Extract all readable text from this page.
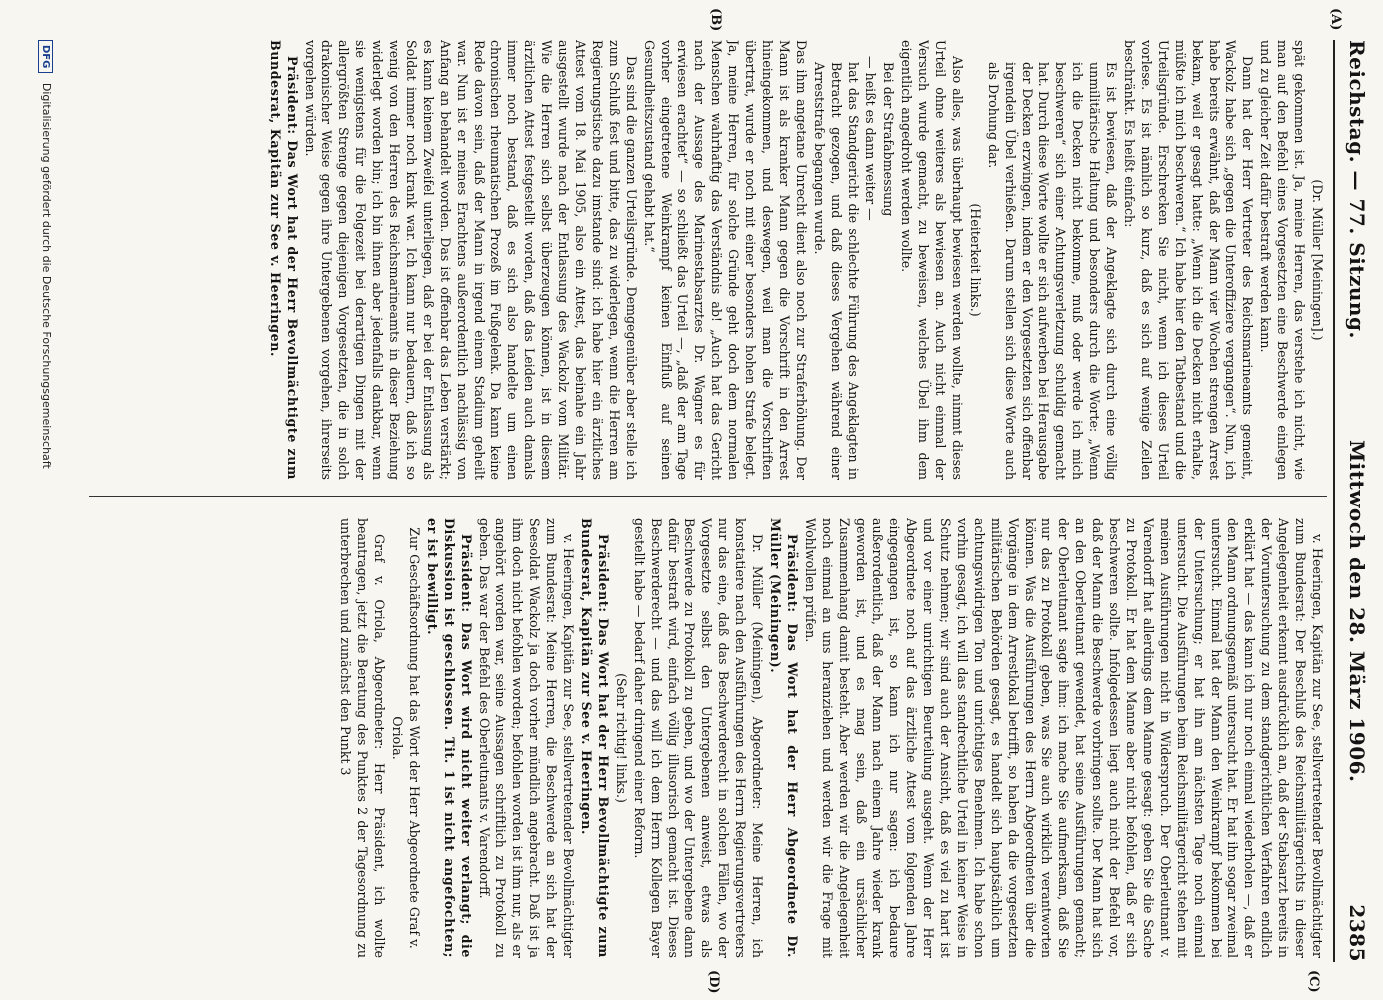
Reichstag. — 77. Sitzung.
Mittwoch den 28. März 1906.
2385
(A)
(B)
(C)
(D)

(Dr. Müller [Meiningen].)

spät gekommen ist. Ja, meine Herren, das verstehe ich nicht, wie man auf den Befehl eines Vorgesetzten eine Beschwerde einlegen und zu gleicher Zeit dafür bestraft werden kann.

Dann hat der Herr Vertreter des Reichsmarineamts gemeint, Wackolz habe sich „gegen die Unteroffiziere vergangen“. Nun, ich habe bereits erwähnt, daß der Mann vier Wochen strengen Arrest bekam, weil er gesagt hatte: „Wenn ich die Decken nicht erhalte, müßte ich mich beschweren.“ Ich habe hier den Tatbestand und die Urteilsgründe. Erschrecken Sie nicht, wenn ich dieses Urteil vorlese. Es ist nämlich so kurz, daß es sich auf wenige Zeilen beschränkt. Es heißt einfach:

Es ist bewiesen, daß der Angeklagte sich durch eine völlig unmilitärische Haltung und besonders durch die Worte: „Wenn ich die Decken nicht bekomme, muß oder werde ich mich beschweren“ sich einer Achtungsverletzung schuldig gemacht hat. Durch diese Worte wollte er sich aufwerben bei Herausgabe der Decken erzwingen, indem er den Vorgesetzten sich offenbar irgendein Übel verhießen. Darum stellen sich diese Worte auch als Drohung dar.

(Heiterkeit links.)

Also alles, was überhaupt bewiesen werden wollte, nimmt dieses Urteil ohne weiteres als bewiesen an. Auch nicht einmal der Versuch wurde gemacht, zu beweisen, welches Übel ihm dem eigentlich angedroht werden wollte.

Bei der Strafabmessung

— heißt es dann weiter —

hat das Standgericht die schlechte Führung des Angeklagten in Betracht gezogen, und daß dieses Vergehen während einer Arreststrafe begangen wurde.

Das ihm angetane Unrecht dient also noch zur Straferhöhung. Der Mann ist als kranker Mann gegen die Vorschrift in den Arrest hineingekommen, und deswegen, weil man die Vorschriften übertrat, wurde er noch mit einer besonders hohen Strafe belegt. Ja, meine Herren, für solche Gründe geht doch dem normalen Menschen wahrhaftig das Verständnis ab! „Auch hat das Gericht nach der Aussage des Marinestabsarztes Dr. Wagner es für erwiesen erachtet“ — so schließt das Urteil —, „daß der am Tage vorher eingetretene Weinkrampf keinen Einfluß auf seinen Gesundheitszustand gehabt hat.“

Das sind die ganzen Urteilsgründe. Demgegenüber aber stelle ich zum Schluß fest und bitte, das zu widerlegen, wenn die Herren am Regierungstische dazu imstande sind: ich habe hier ein ärztliches Attest vom 18. Mai 1905, also ein Attest, das beinahe ein Jahr ausgestellt wurde nach der Entlassung des Wackolz vom Militär. Wie die Herren sich selbst überzeugen können, ist in diesem ärztlichen Attest festgestellt worden, daß das Leiden auch damals immer noch bestand, daß es sich also handelte um einen chronischen rheumatischen Prozeß im Fußgelenk. Da kann keine Rede davon sein, daß der Mann in irgend einem Stadium geheilt war. Nun ist er meines Erachtens außerordentlich nachlässig von Anfang an behandelt worden. Das ist offenbar das Leben verstärkt; es kann keinem Zweifel unterliegen, daß er bei der Entlassung als Soldat immer noch krank war. Ich kann nur bedauern, daß ich so wenig von den Herren des Reichsmarineamts in dieser Beziehung widerlegt worden bin; ich bin ihnen aber jedenfalls dankbar, wenn sie wenigstens für die Folgezeit bei derartigen Dingen mit der allergrößten Strenge gegen diejenigen Vorgesetzten, die in solch drakonischer Weise gegen ihre Untergebenen vorgehen, ihrerseits vorgehen würden.

Präsident: Das Wort hat der Herr Bevollmächtigte zum Bundesrat, Kapitän zur See v. Heeringen.

v. Heeringen, Kapitän zur See, stellvertretender Bevollmächtigter zum Bundesrat: Der Beschluß des Reichsmilitärgerichts in dieser Angelegenheit erkennt ausdrücklich an, daß der Stabsarzt bereits in der Voruntersuchung zu dem standgerichtlichen Verfahren endlich erklärt hat — das kann ich nur noch einmal wiederholen —, daß er den Mann ordnungsgemäß untersucht hat. Er hat ihn sogar zweimal untersucht. Einmal hat der Mann den Weinkrampf bekommen bei der Untersuchung; er hat ihn am nächsten Tage noch einmal untersucht. Die Ausführungen beim Reichsmilitärgericht stehen mit meinen Ausführungen nicht in Widerspruch. Der Oberleutnant v. Varendorff hat allerdings dem Manne gesagt: geben Sie die Sache zu Protokoll. Er hat dem Manne aber nicht befohlen, daß er sich beschweren sollte. Infolgedessen liegt auch nicht der Befehl vor, daß der Mann die Beschwerde vorbringen sollte. Der Mann hat sich an den Oberleutnant gewendet, hat seine Ausführungen gemacht; der Oberleutnant sagte ihm: ich mache Sie aufmerksam, daß Sie nur das zu Protokoll geben, was Sie auch wirklich verantworten können. Was die Ausführungen des Herrn Abgeordneten über die Vorgänge in dem Arrestlokal betrifft, so haben da die vorgesetzten militärischen Behörden gesagt, es handelt sich hauptsächlich um achtungswidrigen Ton und unrichtiges Benehmen. Ich habe schon vorhin gesagt, ich will das standrechtliche Urteil in keiner Weise in Schutz nehmen; wir sind auch der Ansicht, daß es viel zu hart ist und vor einer unrichtigen Beurteilung ausgeht. Wenn der Herr Abgeordnete noch auf das ärztliche Attest vom folgenden Jahre eingegangen ist, so kann ich nur sagen: ich bedaure außerordentlich, daß der Mann nach einem Jahre wieder krank geworden ist, und es mag sein, daß ein ursächlicher Zusammenhang damit besteht. Aber werden wir die Angelegenheit noch einmal an uns heranziehen und werden wir die Frage mit Wohlwollen prüfen.

Präsident: Das Wort hat der Herr Abgeordnete Dr. Müller (Meiningen).

Dr. Müller (Meiningen), Abgeordneter: Meine Herren, ich konstatiere nach den Ausführungen des Herrn Regierungsvertreters nur das eine, daß das Beschwerderecht in solchen Fällen, wo der Vorgesetzte selbst den Untergebenen anweist, etwas als Beschwerde zu Protokoll zu geben, und wo der Untergebene dann dafür bestraft wird, einfach völlig illusorisch gemacht ist. Dieses Beschwerderecht — und das will ich dem Herrn Kollegen Bayer gestellt habe — bedarf daher dringend einer Reform.

(Sehr richtig! links.)

Präsident: Das Wort hat der Herr Bevollmächtigte zum Bundesrat, Kapitän zur See v. Heeringen.

v. Heeringen, Kapitän zur See, stellvertretender Bevollmächtigter zum Bundesrat: Meine Herren, die Beschwerde an sich hat der Seesoldat Wackolz ja doch vorher mündlich angebracht. Daß ist ja ihm doch nicht befohlen worden; befohlen worden ist ihm nur, als er angehört worden war, seine Aussagen schriftlich zu Protokoll zu geben. Das war der Befehl des Oberleutnants v. Varendorff.

Präsident: Das Wort wird nicht weiter verlangt; die Diskussion ist geschlossen. Tit. 1 ist nicht angefochten; er ist bewilligt.

Zur Geschäftsordnung hat das Wort der Herr Abgeordnete Graf v. Oriola.

Graf v. Oriola, Abgeordneter: Herr Präsident, ich wollte beantragen, jetzt die Beratung des Punktes 2 der Tagesordnung zu unterbrechen und zunächst den Punkt 3

DFG Digitalisierung gefördert durch die Deutsche Forschungsgemeinschaft
